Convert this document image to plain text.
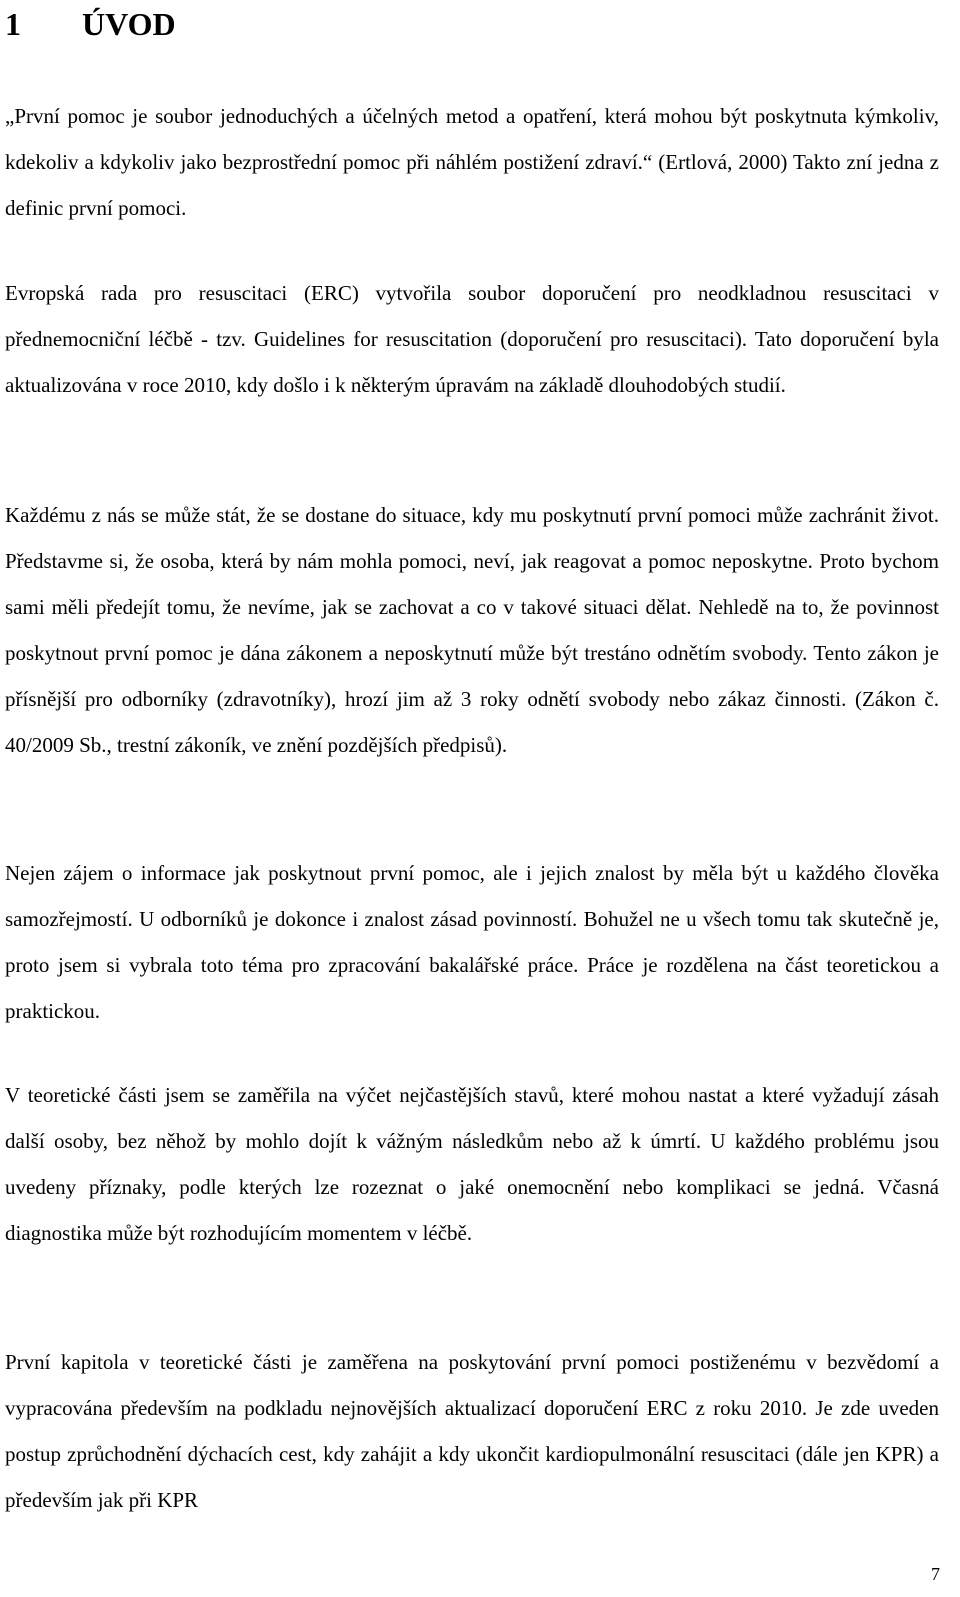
1 ÚVOD

„První pomoc je soubor jednoduchých a účelných metod a opatření, která mohou být poskytnuta kýmkoliv, kdekoliv a kdykoliv jako bezprostřední pomoc při náhlém postižení zdraví.“ (Ertlová, 2000) Takto zní jedna z definic první pomoci.

Evropská rada pro resuscitaci (ERC) vytvořila soubor doporučení pro neodkladnou resuscitaci v přednemocniční léčbě - tzv. Guidelines for resuscitation (doporučení pro resuscitaci). Tato doporučení byla aktualizována v roce 2010, kdy došlo i k některým úpravám na základě dlouhodobých studií.

Každému z nás se může stát, že se dostane do situace, kdy mu poskytnutí první pomoci může zachránit život. Představme si, že osoba, která by nám mohla pomoci, neví, jak reagovat a pomoc neposkytne. Proto bychom sami měli předejít tomu, že nevíme, jak se zachovat a co v takové situaci dělat. Nehledě na to, že povinnost poskytnout první pomoc je dána zákonem a neposkytnutí může být trestáno odnětím svobody. Tento zákon je přísnější pro odborníky (zdravotníky), hrozí jim až 3 roky odnětí svobody nebo zákaz činnosti. (Zákon č. 40/2009 Sb., trestní zákoník, ve znění pozdějších předpisů).

Nejen zájem o informace jak poskytnout první pomoc, ale i jejich znalost by měla být u každého člověka samozřejmostí. U odborníků je dokonce i znalost zásad povinností. Bohužel ne u všech tomu tak skutečně je, proto jsem si vybrala toto téma pro zpracování bakalářské práce. Práce je rozdělena na část teoretickou a praktickou.

V teoretické části jsem se zaměřila na výčet nejčastějších stavů, které mohou nastat a které vyžadují zásah další osoby, bez něhož by mohlo dojít k vážným následkům nebo až k úmrtí. U každého problému jsou uvedeny příznaky, podle kterých lze rozeznat o jaké onemocnění nebo komplikaci se jedná. Včasná diagnostika může být rozhodujícím momentem v léčbě.

První kapitola v teoretické části je zaměřena na poskytování první pomoci postiženému v bezvědomí a vypracována především na podkladu nejnovějších aktualizací doporučení ERC z roku 2010. Je zde uveden postup zprůchodnění dýchacích cest, kdy zahájit a kdy ukončit kardiopulmonální resuscitaci (dále jen KPR) a především jak při KPR

7
